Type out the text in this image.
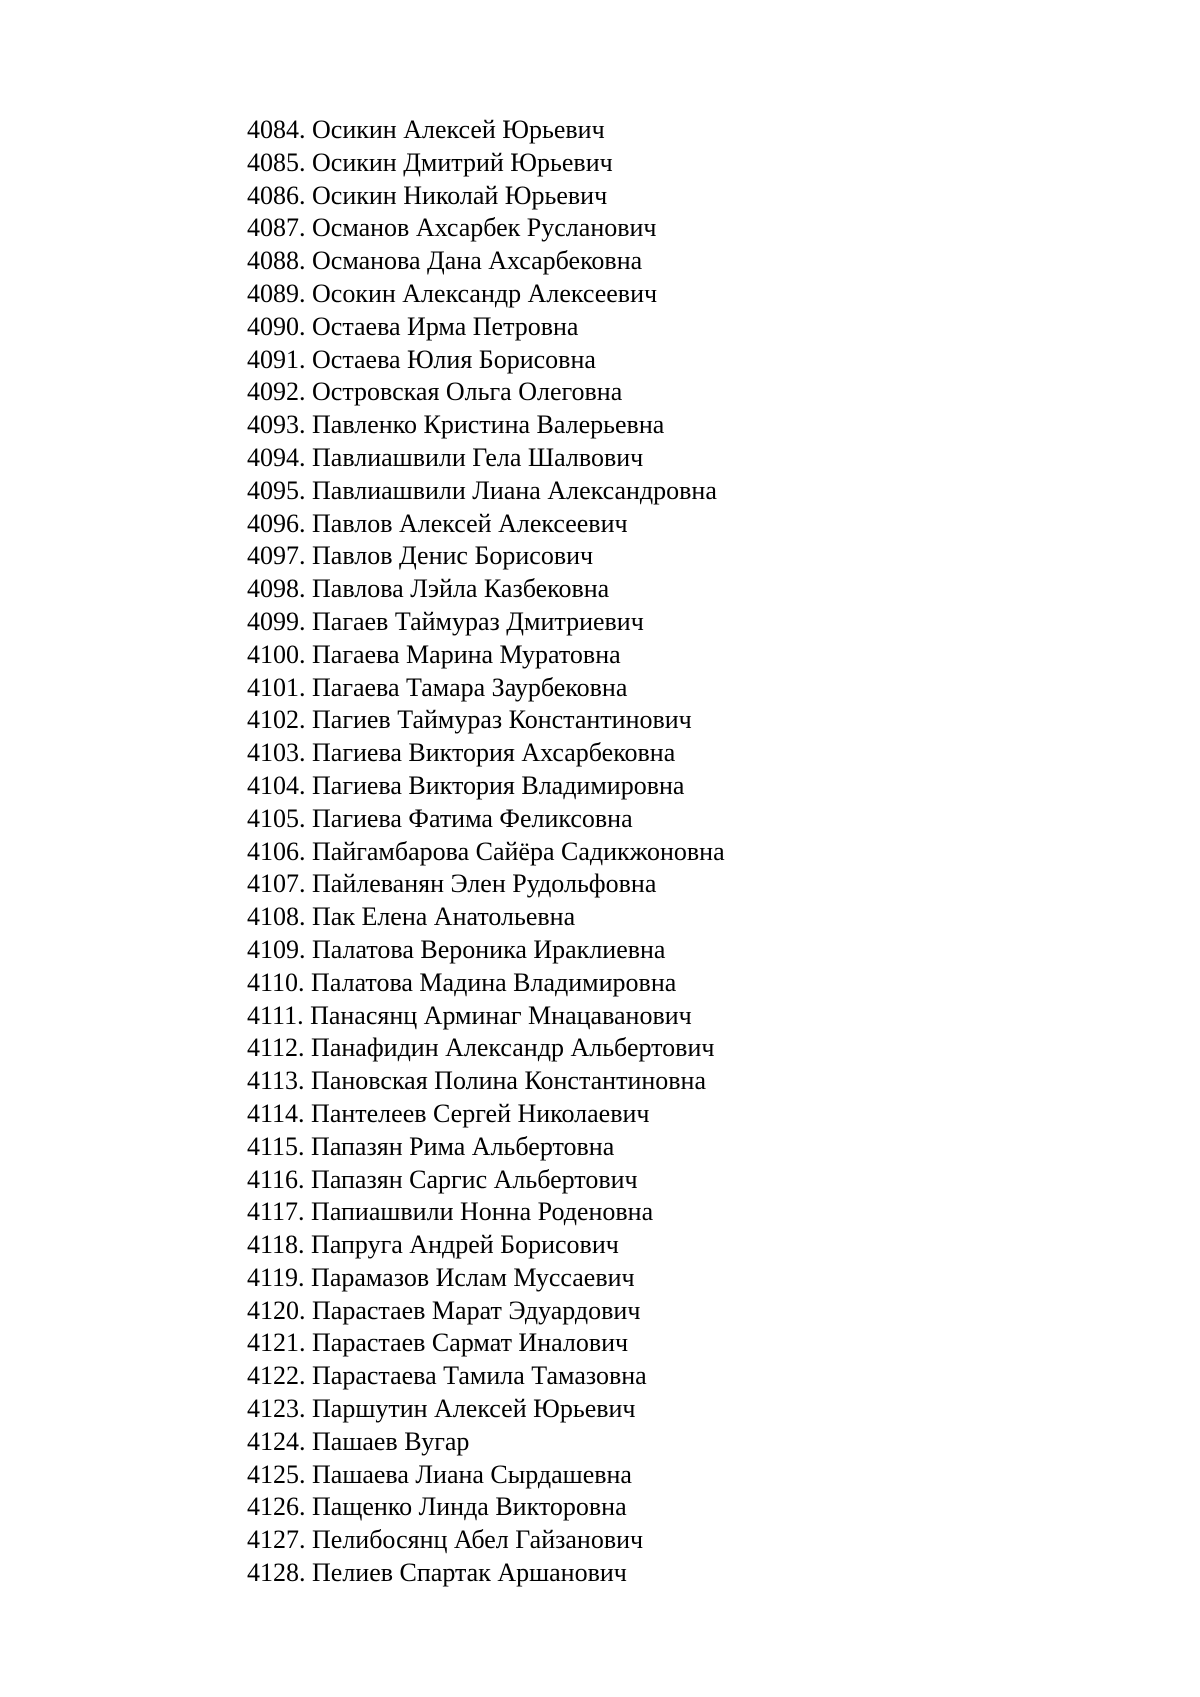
4084. Осикин Алексей Юрьевич
4085. Осикин Дмитрий Юрьевич
4086. Осикин Николай Юрьевич
4087. Османов Ахсарбек Русланович
4088. Османова Дана Ахсарбековна
4089. Осокин Александр Алексеевич
4090. Остаева Ирма Петровна
4091. Остаева Юлия Борисовна
4092. Островская Ольга Олеговна
4093. Павленко Кристина Валерьевна
4094. Павлиашвили Гела Шалвович
4095. Павлиашвили Лиана Александровна
4096. Павлов Алексей Алексеевич
4097. Павлов Денис Борисович
4098. Павлова Лэйла Казбековна
4099. Пагаев Таймураз Дмитриевич
4100. Пагаева Марина Муратовна
4101. Пагаева Тамара Заурбековна
4102. Пагиев Таймураз Константинович
4103. Пагиева Виктория Ахсарбековна
4104. Пагиева Виктория Владимировна
4105. Пагиева Фатима Феликсовна
4106. Пайгамбарова Сайёра Садикжоновна
4107. Пайлеванян Элен Рудольфовна
4108. Пак Елена Анатольевна
4109. Палатова Вероника Ираклиевна
4110. Палатова Мадина Владимировна
4111. Панасянц Арминаг Мнацаванович
4112. Панафидин Александр Альбертович
4113. Пановская Полина Константиновна
4114. Пантелеев Сергей Николаевич
4115. Папазян Рима Альбертовна
4116. Папазян Саргис Альбертович
4117. Папиашвили Нонна Роденовна
4118. Папруга Андрей Борисович
4119. Парамазов Ислам Муссаевич
4120. Парастаев Марат Эдуардович
4121. Парастаев Сармат Иналович
4122. Парастаева Тамила Тамазовна
4123. Паршутин Алексей Юрьевич
4124. Пашаев Вугар
4125. Пашаева Лиана Сырдашевна
4126. Пащенко Линда Викторовна
4127. Пелибосянц Абел Гайзанович
4128. Пелиев Спартак Аршанович
